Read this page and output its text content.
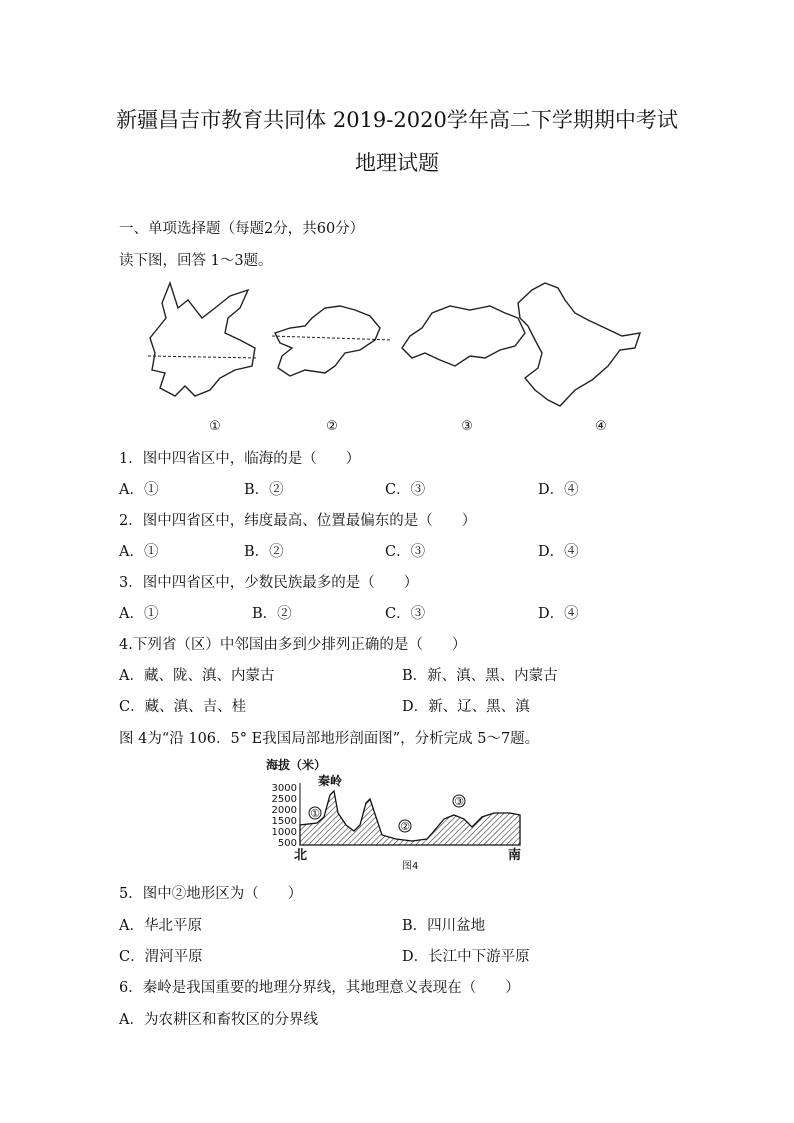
新疆昌吉市教育共同体 2019-2020学年高二下学期期中考试
地理试题
一、单项选择题（每题2分，共60分）
读下图，回答 1～3题。
①	②	③	④
1．图中四省区中，临海的是（　　）
A．①	B．②	C．③	D．④
2．图中四省区中，纬度最高、位置最偏东的是（　　）
A．①	B．②	C．③	D．④
3．图中四省区中，少数民族最多的是（　　）
A．①	B．②	C．③	D．④
4.下列省（区）中邻国由多到少排列正确的是（　　）
A．藏、陇、滇、内蒙古	B．新、滇、黑、内蒙古
C．藏、滇、吉、桂	D．新、辽、黑、滇
图 4为“沿 106．5° E我国局部地形剖面图”，分析完成 5～7题。
海拔（米）
秦岭
3000
2500
2000
1500
1000
500
①
②
③
北	南
图4
5．图中②地形区为（　　）
A．华北平原	B．四川盆地
C．渭河平原	D．长江中下游平原
6．秦岭是我国重要的地理分界线，其地理意义表现在（　　）
A．为农耕区和畜牧区的分界线
